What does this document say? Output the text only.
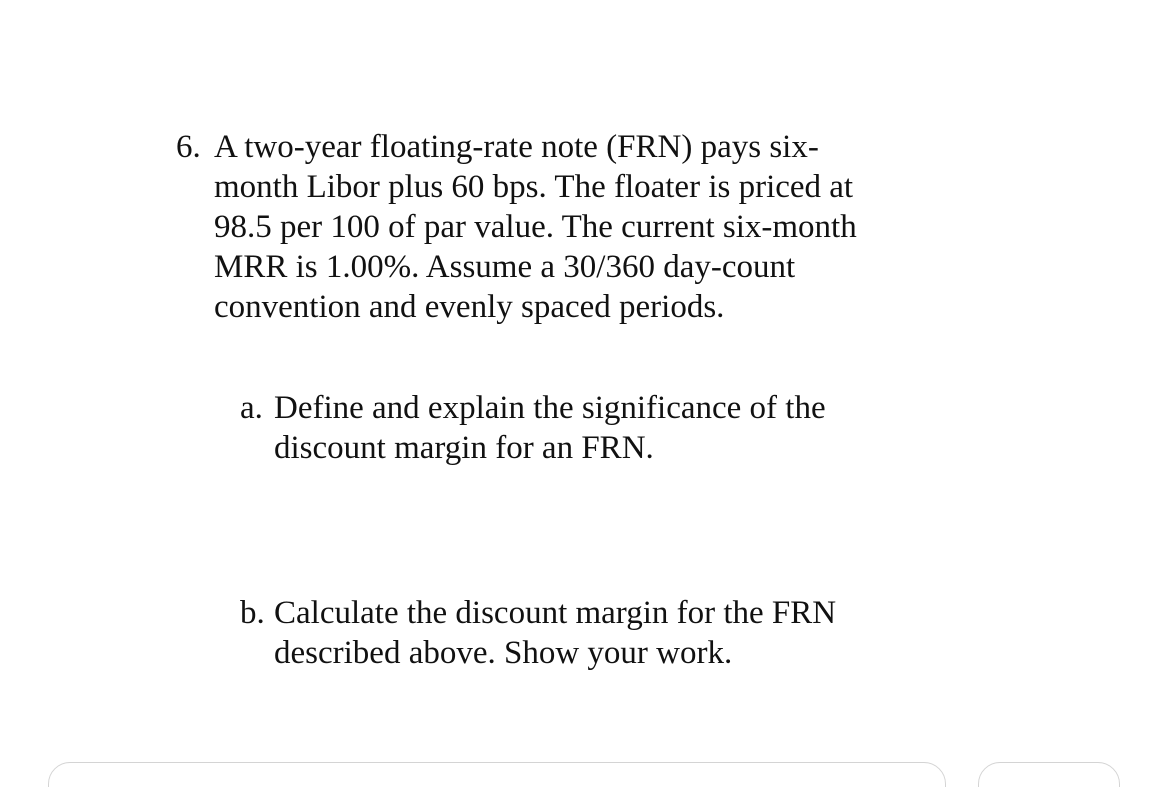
6. A two-year floating-rate note (FRN) pays six-
month Libor plus 60 bps. The floater is priced at
98.5 per 100 of par value. The current six-month
MRR is 1.00%. Assume a 30/360 day-count
convention and evenly spaced periods.
a. Define and explain the significance of the
discount margin for an FRN.
b. Calculate the discount margin for the FRN
described above. Show your work.
